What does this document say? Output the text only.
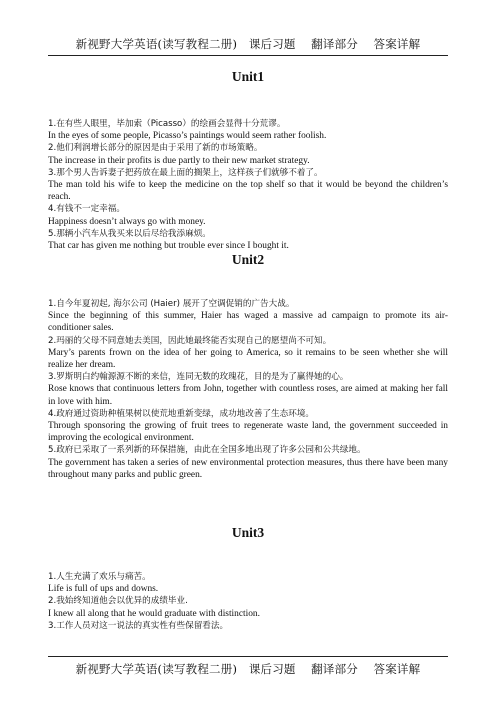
新视野大学英语(读写教程二册)　课后习题　 翻译部分　 答案详解
Unit1

1.在有些人眼里，毕加索（Picasso）的绘画会显得十分荒谬。

In the eyes of some people, Picasso’s paintings would seem rather foolish.

2.他们利润增长部分的原因是由于采用了新的市场策略。

The increase in their profits is due partly to their new market strategy.

3.那个男人告诉妻子把药放在最上面的搁架上，这样孩子们就够不着了。

The man told his wife to keep the medicine on the top shelf so that it would be beyond the children’s reach.

4.有钱不一定幸福。

Happiness doesn’t always go with money.

5.那辆小汽车从我买来以后尽给我添麻烦。

That car has given me nothing but trouble ever since I bought it.

Unit2

1.自今年夏初起, 海尔公司 (Haier) 展开了空调促销的广告大战。

Since the beginning of this summer, Haier has waged a massive ad campaign to promote its air-conditioner sales.

2.玛丽的父母不同意她去美国，因此她最终能否实现自己的愿望尚不可知。

Mary’s parents frown on the idea of her going to America, so it remains to be seen whether she will realize her dream.

3.罗斯明白约翰源源不断的来信，连同无数的玫瑰花，目的是为了赢得她的心。

Rose knows that continuous letters from John, together with countless roses, are aimed at making her fall in love with him.

4.政府通过资助种植果树以使荒地重新变绿，成功地改善了生态环境。

Through sponsoring the growing of fruit trees to regenerate waste land, the government succeeded in improving the ecological environment.

5.政府已采取了一系列新的环保措施，由此在全国多地出现了许多公园和公共绿地。

The government has taken a series of new environmental protection measures, thus there have been many throughout many parks and public green.

Unit3

1.人生充满了欢乐与痛苦。

Life is full of ups and downs.

2.我始终知道他会以优异的成绩毕业.

I knew all along that he would graduate with distinction.

3.工作人员对这一说法的真实性有些保留看法。

新视野大学英语(读写教程二册)　课后习题　 翻译部分　 答案详解
